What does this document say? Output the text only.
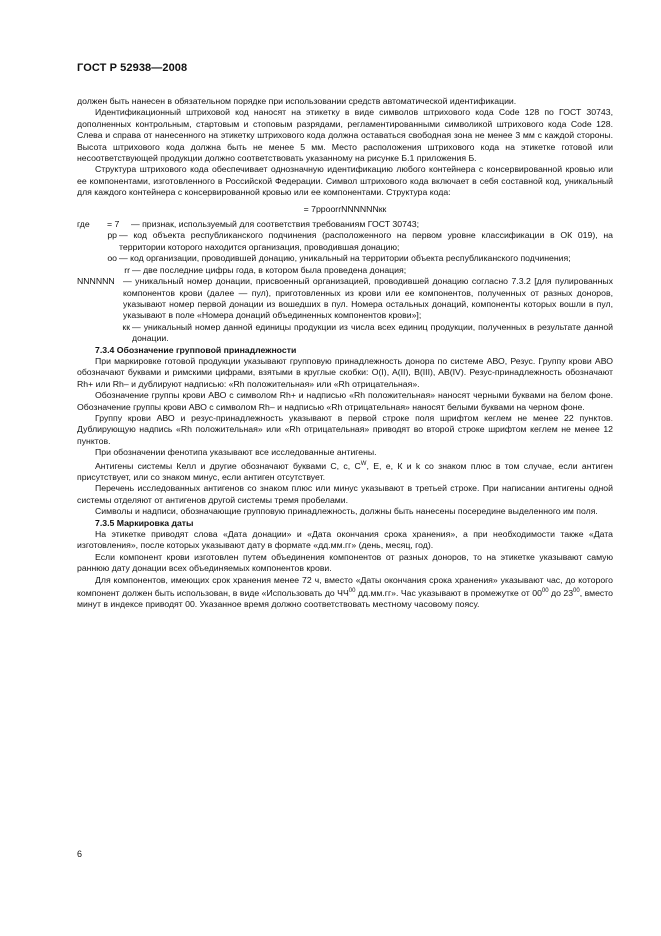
ГОСТ Р 52938—2008

должен быть нанесен в обязательном порядке при использовании средств автоматической идентификации.

Идентификационный штриховой код наносят на этикетку в виде символов штрихового кода Code 128 по ГОСТ 30743, дополненных контрольным, стартовым и стоповым разрядами, регламентированными символикой штрихового кода Code 128. Слева и справа от нанесенного на этикетку штрихового кода должна оставаться свободная зона не менее 3 мм с каждой стороны. Высота штрихового кода должна быть не менее 5 мм. Место расположения штрихового кода на этикетке готовой или несоответствующей продукции должно соответствовать указанному на рисунке Б.1 приложения Б.

Структура штрихового кода обеспечивает однозначную идентификацию любого контейнера с консервированной кровью или ее компонентами, изготовленного в Российской Федерации. Символ штрихового кода включает в себя составной код, уникальный для каждого контейнера с консервированной кровью или ее компонентами. Структура кода:

= 7ppoorrNNNNNNкк

где	= 7	— признак, используемый для соответствия требованиям ГОСТ 30743;
pp — код объекта республиканского подчинения (расположенного на первом уровне классификации в ОК 019), на территории которого находится организация, проводившая донацию;
oo — код организации, проводившей донацию, уникальный на территории объекта республиканского подчинения;
rr — две последние цифры года, в котором была проведена донация;
NNNNNN — уникальный номер донации, присвоенный организацией, проводившей донацию согласно 7.3.2 [для пулированных компонентов крови (далее — пул), приготовленных из крови или ее компонентов, полученных от разных доноров, указывают номер первой донации из вошедших в пул. Номера остальных донаций, компоненты которых вошли в пул, указывают в поле «Номера донаций объединенных компонентов крови»];
кк — уникальный номер данной единицы продукции из числа всех единиц продукции, полученных в результате данной донации.

7.3.4 Обозначение групповой принадлежности

При маркировке готовой продукции указывают групповую принадлежность донора по системе АВО, Резус. Группу крови АВО обозначают буквами и римскими цифрами, взятыми в круглые скобки: O(I), A(II), B(III), AB(IV). Резус-принадлежность обозначают Rh+ или Rh– и дублируют надписью: «Rh положительная» или «Rh отрицательная».

Обозначение группы крови АВО с символом Rh+ и надписью «Rh положительная» наносят черными буквами на белом фоне. Обозначение группы крови АВО с символом Rh– и надписью «Rh отрицательная» наносят белыми буквами на черном фоне.

Группу крови АВО и резус-принадлежность указывают в первой строке поля шрифтом кеглем не менее 22 пунктов. Дублирующую надпись «Rh положительная» или «Rh отрицательная» приводят во второй строке шрифтом кеглем не менее 12 пунктов.

При обозначении фенотипа указывают все исследованные антигены.

Антигены системы Келл и другие обозначают буквами С, с, $С^W$, Е, е, К и k со знаком плюс в том случае, если антиген присутствует, или со знаком минус, если антиген отсутствует.

Перечень исследованных антигенов со знаком плюс или минус указывают в третьей строке. При написании антигены одной системы отделяют от антигенов другой системы тремя пробелами.

Символы и надписи, обозначающие групповую принадлежность, должны быть нанесены посередине выделенного им поля.

7.3.5 Маркировка даты

На этикетке приводят слова «Дата донации» и «Дата окончания срока хранения», а при необходимости также «Дата изготовления», после которых указывают дату в формате «дд.мм.гг» (день, месяц, год).

Если компонент крови изготовлен путем объединения компонентов от разных доноров, то на этикетке указывают самую раннюю дату донации всех объединяемых компонентов крови.

Для компонентов, имеющих срок хранения менее 72 ч, вместо «Даты окончания срока хранения» указывают час, до которого компонент должен быть использован, в виде «Использовать до ЧЧ$^{00}$ дд.мм.гг». Час указывают в промежутке от $00^{00}$ до $23^{00}$, вместо минут в индексе приводят 00. Указанное время должно соответствовать местному часовому поясу.

6
